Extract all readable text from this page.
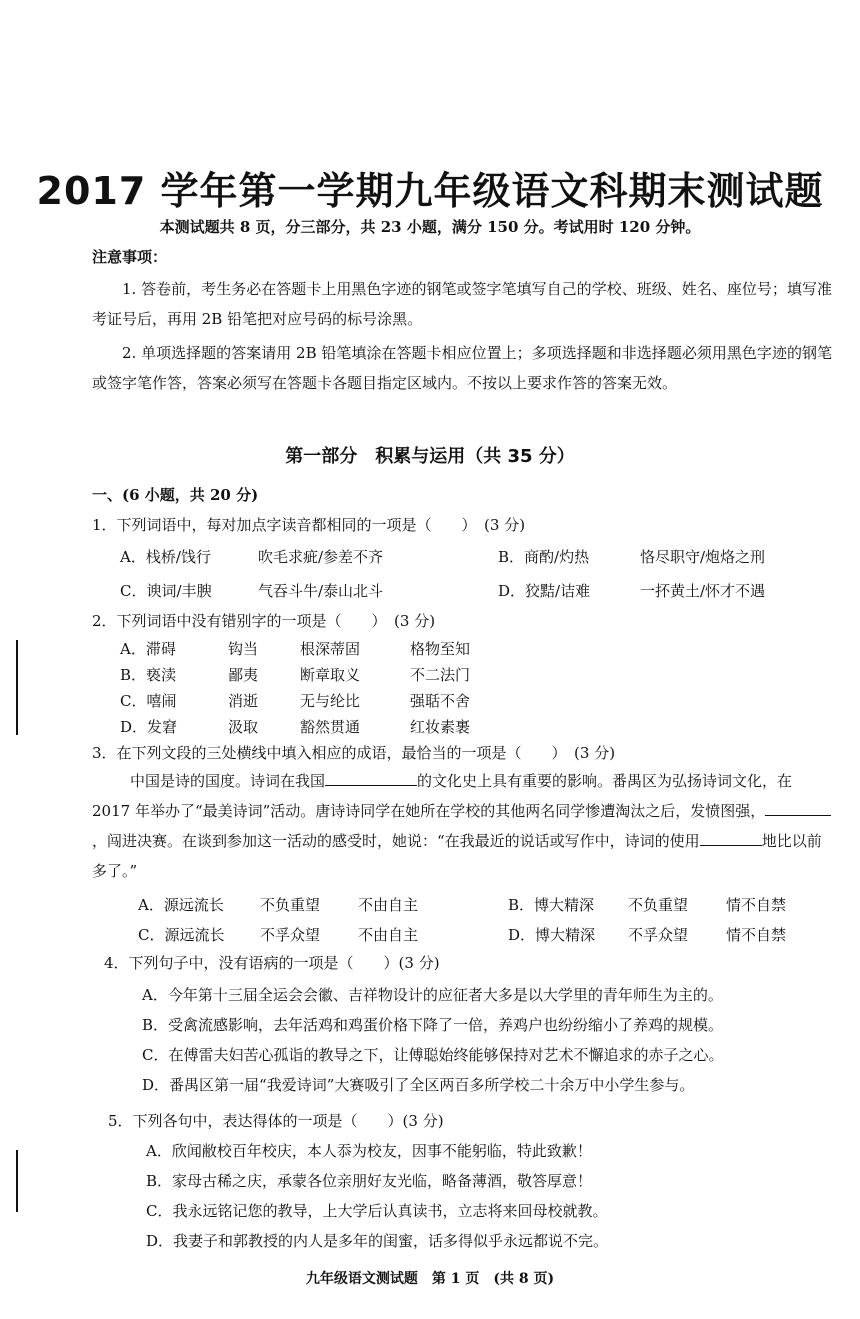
2017 学年第一学期九年级语文科期末测试题
本测试题共 8 页，分三部分，共 23 小题，满分 150 分。考试用时 120 分钟。
注意事项：
1. 答卷前，考生务必在答题卡上用黑色字迹的钢笔或签字笔填写自己的学校、班级、姓名、座位号；填写准考证号后，再用 2B 铅笔把对应号码的标号涂黑。
2. 单项选择题的答案请用 2B 铅笔填涂在答题卡相应位置上；多项选择题和非选择题必须用黑色字迹的钢笔或签字笔作答，答案必须写在答题卡各题目指定区域内。不按以上要求作答的答案无效。
第一部分　积累与运用（共 35 分）
一、(6 小题，共 20 分)
1．下列词语中，每对加点字读音都相同的一项是（　　）　(3 分)
A．栈桥/饯行	吹毛求疵/参差不齐	B．商酌/灼热	恪尽职守/炮烙之刑
C．谀词/丰腴	气吞斗牛/泰山北斗	D．狡黠/诘难	一抔黄土/怀才不遇
2．下列词语中没有错别字的一项是（　　）　(3 分)
A．滞碍	钩当	根深蒂固	格物至知
B．亵渎	鄙夷	断章取义	不二法门
C．嘻闹	消逝	无与纶比	强聒不舍
D．发窘	汲取	豁然贯通	红妆素裹
3．在下列文段的三处横线中填入相应的成语，最恰当的一项是（　　）　(3 分)
中国是诗的国度。诗词在我国	的文化史上具有重要的影响。番禺区为弘扬诗词文化，在 2017 年举办了“最美诗词”活动。唐诗诗同学在她所在学校的其他两名同学惨遭淘汰之后，发愤图强，，闯进决赛。在谈到参加这一活动的感受时，她说：“在我最近的说话或写作中，诗词的使用	地比以前多了。”
A．源远流长 不负重望	不由自主	B．博大精深 不负重望	情不自禁
C．源远流长 不孚众望	不由自主	D．博大精深 不孚众望	情不自禁
4．下列句子中，没有语病的一项是（　　）(3 分)
A．今年第十三届全运会会徽、吉祥物设计的应征者大多是以大学里的青年师生为主的。
B．受禽流感影响，去年活鸡和鸡蛋价格下降了一倍，养鸡户也纷纷缩小了养鸡的规模。
C．在傅雷夫妇苦心孤诣的教导之下，让傅聪始终能够保持对艺术不懈追求的赤子之心。
D．番禺区第一届“我爱诗词”大赛吸引了全区两百多所学校二十余万中小学生参与。
5．下列各句中，表达得体的一项是（　　）(3 分)
A．欣闻敝校百年校庆，本人忝为校友，因事不能躬临，特此致歉！
B．家母古稀之庆，承蒙各位亲朋好友光临，略备薄酒，敬答厚意！
C．我永远铭记您的教导，上大学后认真读书，立志将来回母校就教。
D．我妻子和郭教授的内人是多年的闺蜜，话多得似乎永远都说不完。
九年级语文测试题　第 1 页　(共 8 页)
